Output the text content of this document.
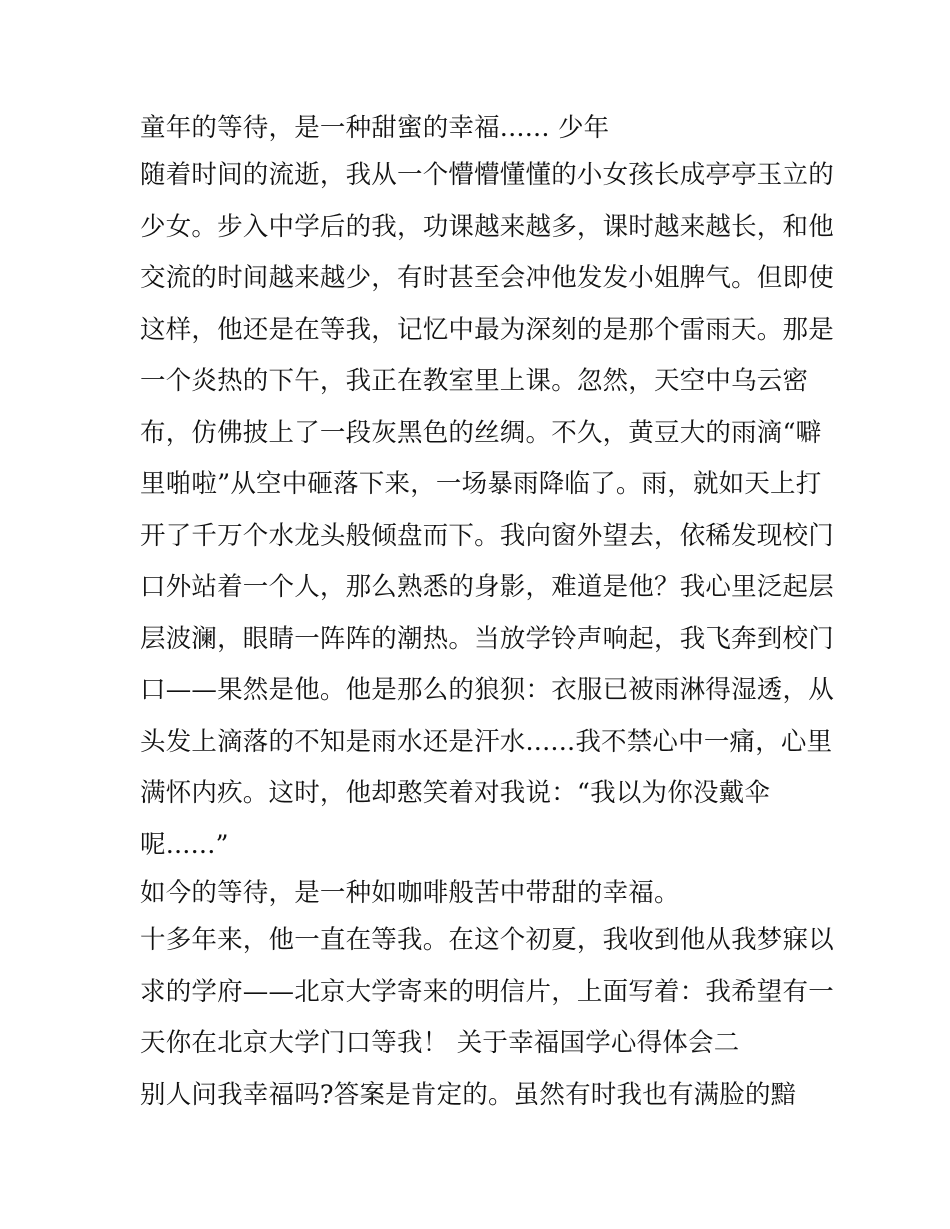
童年的等待，是一种甜蜜的幸福...... 少年
随着时间的流逝，我从一个懵懵懂懂的小女孩长成亭亭玉立的
少女。步入中学后的我，功课越来越多，课时越来越长，和他
交流的时间越来越少，有时甚至会冲他发发小姐脾气。但即使
这样，他还是在等我，记忆中最为深刻的是那个雷雨天。那是
一个炎热的下午，我正在教室里上课。忽然，天空中乌云密
布，仿佛披上了一段灰黑色的丝绸。不久，黄豆大的雨滴“噼
里啪啦”从空中砸落下来，一场暴雨降临了。雨，就如天上打
开了千万个水龙头般倾盘而下。我向窗外望去，依稀发现校门
口外站着一个人，那么熟悉的身影，难道是他？我心里泛起层
层波澜，眼睛一阵阵的潮热。当放学铃声响起，我飞奔到校门
口——果然是他。他是那么的狼狈：衣服已被雨淋得湿透，从
头发上滴落的不知是雨水还是汗水......我不禁心中一痛，心里
满怀内疚。这时，他却憨笑着对我说：“我以为你没戴伞
呢......”
如今的等待，是一种如咖啡般苦中带甜的幸福。
十多年来，他一直在等我。在这个初夏，我收到他从我梦寐以
求的学府——北京大学寄来的明信片，上面写着：我希望有一
天你在北京大学门口等我！ 关于幸福国学心得体会二
别人问我幸福吗?答案是肯定的。虽然有时我也有满脸的黯
